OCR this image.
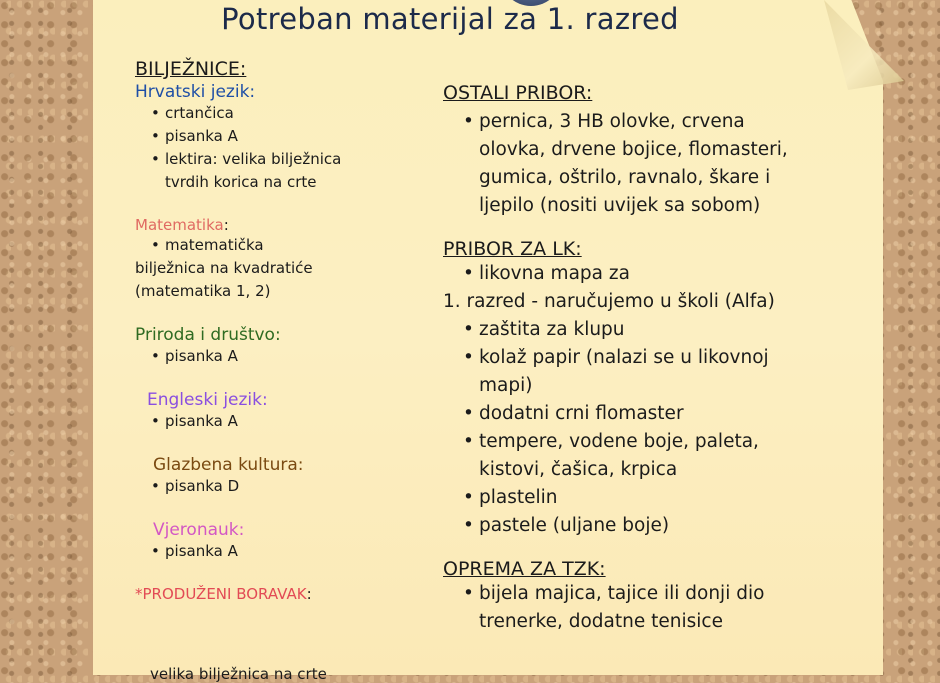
Potreban materijal za 1. razred
BILJEŽNICE:
Hrvatski jezik:
• crtančica
• pisanka A
• lektira: velika bilježnica
tvrdih korica na crte
Matematika:
• matematička
bilježnica na kvadratiće
(matematika 1, 2)
Priroda i društvo:
• pisanka A
Engleski jezik:
• pisanka A
Glazbena kultura:
• pisanka D
Vjeronauk:
• pisanka A
*PRODUŽENI BORAVAK:
velika bilježnica na crte
OSTALI PRIBOR:
• pernica, 3 HB olovke, crvena
olovka, drvene bojice, flomasteri,
gumica, oštrilo, ravnalo, škare i
ljepilo (nositi uvijek sa sobom)
PRIBOR ZA LK:
• likovna mapa za
1. razred - naručujemo u školi (Alfa)
• zaštita za klupu
• kolaž papir (nalazi se u likovnoj
mapi)
• dodatni crni flomaster
• tempere, vodene boje, paleta,
kistovi, čašica, krpica
• plastelin
• pastele (uljane boje)
OPREMA ZA TZK:
• bijela majica, tajice ili donji dio
trenerke, dodatne tenisice
